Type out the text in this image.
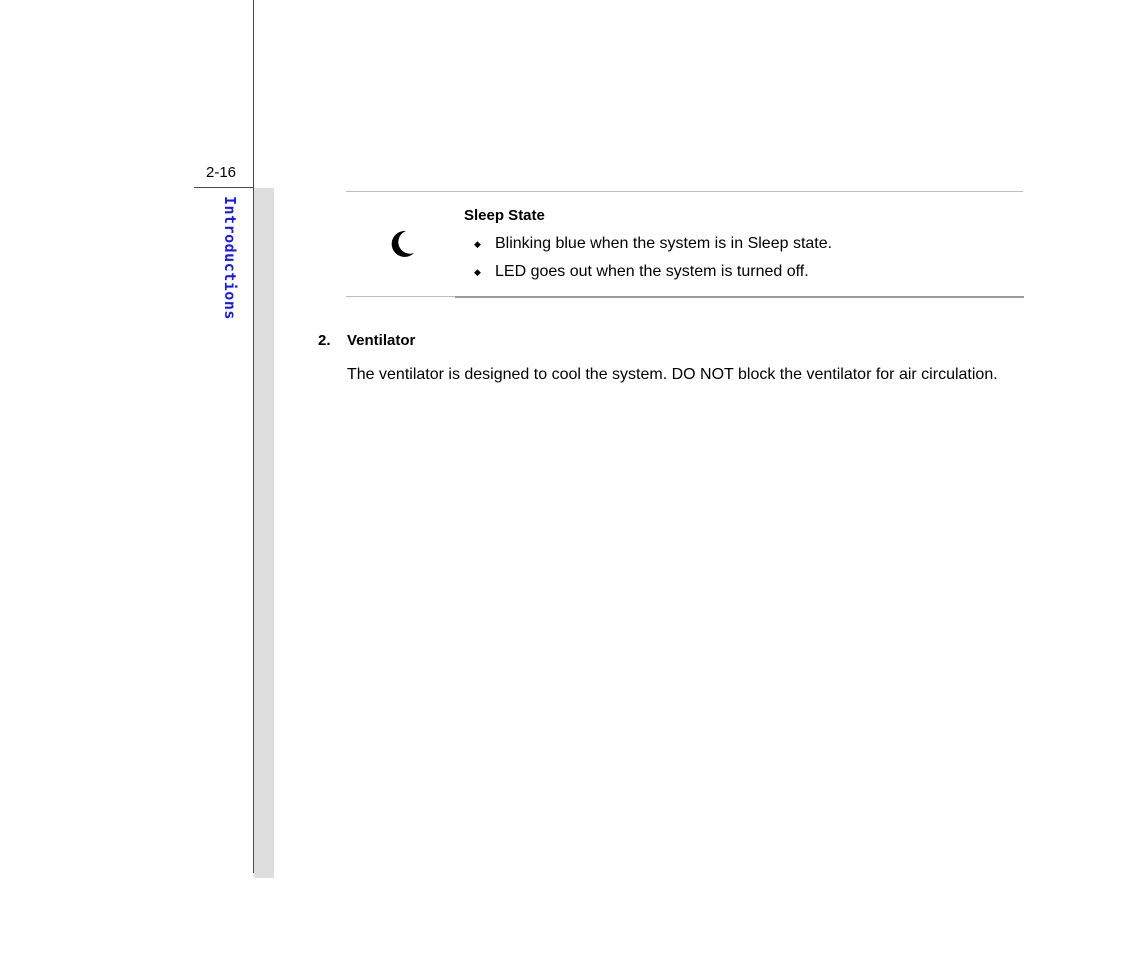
2-16
Introductions	Sleep State
◆ Blinking blue when the system is in Sleep state.
◆ LED goes out when the system is turned off.
2. Ventilator
The ventilator is designed to cool the system. DO NOT block the ventilator for air circulation.
